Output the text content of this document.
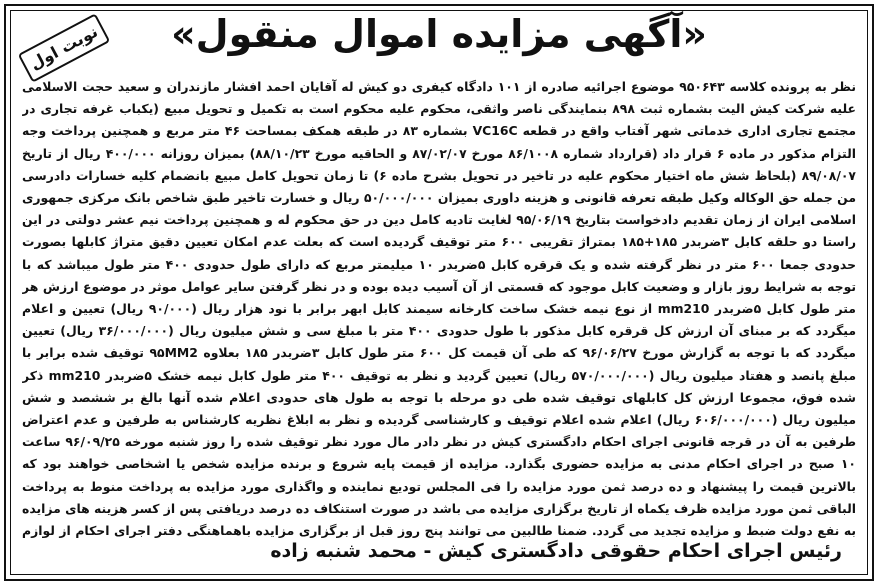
«آگهی مزایده اموال منقول»
نوبت اول
نظر به پرونده کلاسه ۹۵۰۶۴۳ موضوع اجرائیه صادره از ۱۰۱ دادگاه کیفری دو کیش له آقایان احمد افشار مازندران و سعید حجت الاسلامی علیه شرکت کیش الیت بشماره ثبت ۸۹۸ بنمایندگی ناصر واثقی، محکوم علیه محکوم است به تکمیل و تحویل مبیع (یکباب غرفه تجاری در مجتمع تجاری اداری خدماتی شهر آفتاب واقع در قطعه VC16C بشماره ۸۳ در طبقه همکف بمساحت ۴۶ متر مربع و همچنین پرداخت وجه التزام مذکور در ماده ۶ قرار داد (قرارداد شماره ۸۶/۱۰۰۸ مورخ ۸۷/۰۲/۰۷ و الحاقیه مورخ ۸۸/۱۰/۲۳) بمیزان روزانه ۴۰۰/۰۰۰ ریال از تاریخ ۸۹/۰۸/۰۷ (بلحاظ شش ماه اختیار محکوم علیه در تاخیر در تحویل بشرح ماده ۶) تا زمان تحویل کامل مبیع بانضمام کلیه خسارات دادرسی من جمله حق الوکاله وکیل طبقه تعرفه قانونی و هزینه داوری بمیزان ۵۰/۰۰۰/۰۰۰ ریال و خسارت تاخیر طبق شاخص بانک مرکزی جمهوری اسلامی ایران از زمان تقدیم دادخواست بتاریخ ۹۵/۰۶/۱۹ لغایت تادیه کامل دین در حق محکوم له و همچنین پرداخت نیم عشر دولتی در این راستا دو حلقه کابل ۳ضربدر ۱۸۵+۱۸۵ بمتراژ تقریبی ۶۰۰ متر توقیف گردیده است که بعلت عدم امکان تعیین دقیق متراژ کابلها بصورت حدودی جمعا ۶۰۰ متر در نظر گرفته شده و یک قرقره کابل ۵ضربدر ۱۰ میلیمتر مربع که دارای طول حدودی ۴۰۰ متر طول میباشد که با توجه به شرایط روز بازار و وضعیت کابل موجود که قسمتی از آن آسیب دیده بوده و در نظر گرفتن سایر عوامل موثر در موضوع ارزش هر متر طول کابل ۵ضربدر mm210 از نوع نیمه خشک ساخت کارخانه سیمند کابل ابهر برابر با نود هزار ریال (۹۰/۰۰۰ ریال) تعیین و اعلام میگردد که بر مبنای آن ارزش کل قرقره کابل مذکور با طول حدودی ۴۰۰ متر با مبلغ سی و شش میلیون ریال (۳۶/۰۰۰/۰۰۰ ریال) تعیین میگردد که با توجه به گزارش مورخ ۹۶/۰۶/۲۷ که طی آن قیمت کل ۶۰۰ متر طول کابل ۳ضربدر ۱۸۵ بعلاوه ۹۵MM2 توقیف شده برابر با مبلغ پانصد و هفتاد میلیون ریال (۵۷۰/۰۰۰/۰۰۰ ریال) تعیین گردید و نظر به توقیف ۴۰۰ متر طول کابل نیمه خشک ۵ضربدر mm210 ذکر شده فوق، مجموعا ارزش کل کابلهای توقیف شده طی دو مرحله با توجه به طول های حدودی اعلام شده آنها بالغ بر ششصد و شش میلیون ریال (۶۰۶/۰۰۰/۰۰۰ ریال) اعلام شده اعلام توقیف و کارشناسی گردیده و نظر به ابلاغ نظریه کارشناس به طرفین و عدم اعتراض طرفین به آن در قرجه قانونی اجرای احکام دادگستری کیش در نظر دادر مال مورد نظر توقیف شده را روز شنبه مورخه ۹۶/۰۹/۲۵ ساعت ۱۰ صبح در اجرای احکام مدنی به مزایده حضوری بگذارد. مزایده از قیمت پایه شروع و برنده مزایده شخص یا اشخاصی خواهند بود که بالاترین قیمت را پیشنهاد و ده درصد ثمن مورد مزایده را فی المجلس تودیع نماینده و واگذاری مورد مزایده به پرداخت منوط به پرداخت الباقی ثمن مورد مزایده ظرف یکماه از تاریخ برگزاری مزایده می باشد در صورت استنکاف ده درصد دریافتی پس از کسر هزینه های مزایده به نفع دولت ضبط و مزایده تجدید می گردد. ضمنا طالبین می توانند پنج روز قبل از برگزاری مزایده باهماهنگی دفتر اجرای احکام از لوازم
رئیس اجرای احکام حقوقی دادگستری کیش - محمد شنبه زاده
